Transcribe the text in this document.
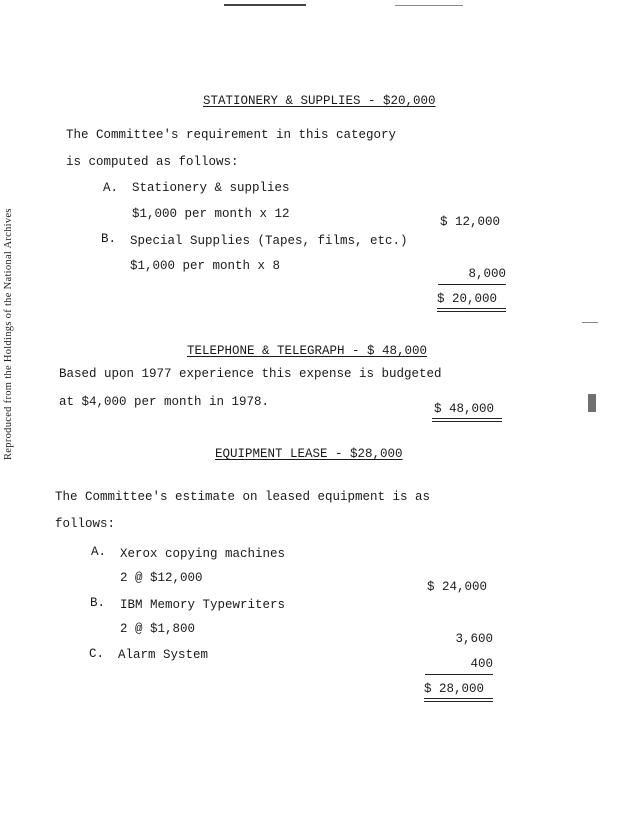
Reproduced from the Holdings of the National Archives
STATIONERY & SUPPLIES - $20,000
The Committee's requirement in this category
is computed as follows:
A. Stationery & supplies
$1,000 per month x 12
$ 12,000
B. Special Supplies (Tapes, films, etc.)
$1,000 per month x 8
8,000
$ 20,000
TELEPHONE & TELEGRAPH - $ 48,000
Based upon 1977 experience this expense is budgeted
at $4,000 per month in 1978.	$ 48,000
EQUIPMENT LEASE - $28,000
The Committee's estimate on leased equipment is as
follows:
A. Xerox copying machines
2 @ $12,000
$ 24,000
B. IBM Memory Typewriters
2 @ $1,800
3,600
C. Alarm System
400
$ 28,000
